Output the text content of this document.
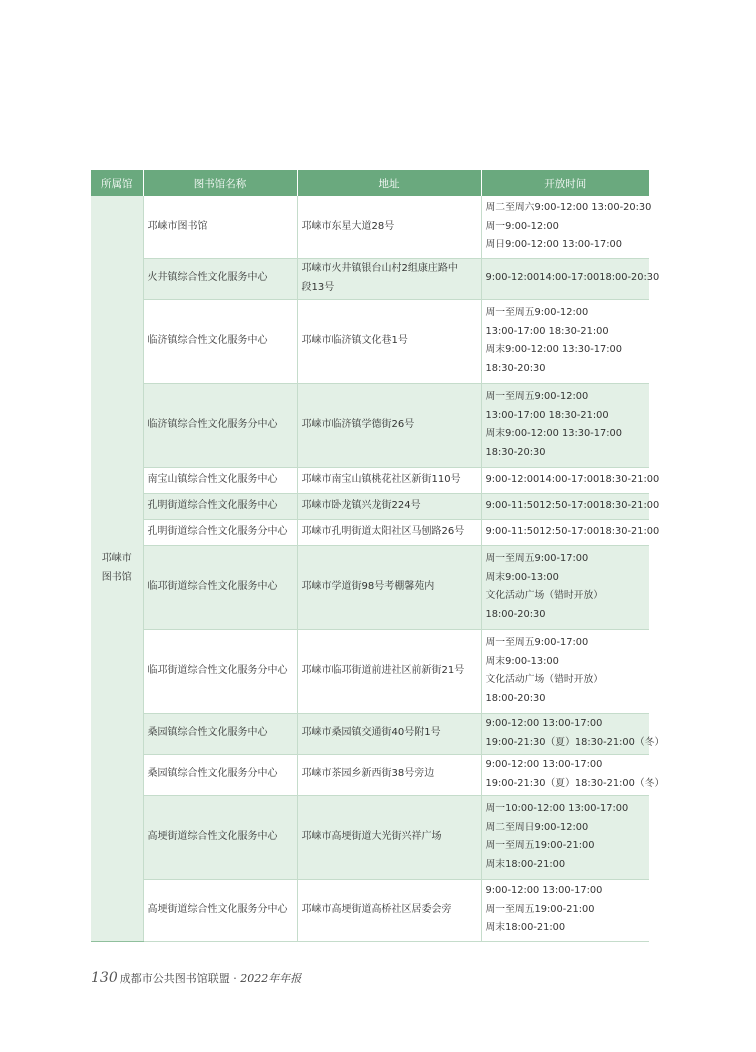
所属馆	图书馆名称	地址	开放时间

邛崃市
图书馆	邛崃市图书馆	邛崃市东星大道28号	周二至周六9:00-12:00 13:00-20:30
周一9:00-12:00
周日9:00-12:00 13:00-17:00

	火井镇综合性文化服务中心	邛崃市火井镇银台山村2组康庄路中
段13号	9:00-12:0014:00-17:0018:00-20:30

	临济镇综合性文化服务中心	邛崃市临济镇文化巷1号	周一至周五9:00-12:00
13:00-17:00 18:30-21:00
周末9:00-12:00 13:30-17:00
18:30-20:30

	临济镇综合性文化服务分中心	邛崃市临济镇学德街26号	周一至周五9:00-12:00
13:00-17:00 18:30-21:00
周末9:00-12:00 13:30-17:00
18:30-20:30

	南宝山镇综合性文化服务中心	邛崃市南宝山镇桃花社区新街110号	9:00-12:0014:00-17:0018:30-21:00

	孔明街道综合性文化服务中心	邛崃市卧龙镇兴龙街224号	9:00-11:5012:50-17:0018:30-21:00

	孔明街道综合性文化服务分中心	邛崃市孔明街道太阳社区马刨路26号	9:00-11:5012:50-17:0018:30-21:00

	临邛街道综合性文化服务中心	邛崃市学道街98号考棚馨苑内	周一至周五9:00-17:00
周末9:00-13:00
文化活动广场（错时开放）
18:00-20:30

	临邛街道综合性文化服务分中心	邛崃市临邛街道前进社区前新街21号	周一至周五9:00-17:00
周末9:00-13:00
文化活动广场（错时开放）
18:00-20:30

	桑园镇综合性文化服务中心	邛崃市桑园镇交通街40号附1号	9:00-12:00 13:00-17:00
19:00-21:30（夏）18:30-21:00（冬）

	桑园镇综合性文化服务分中心	邛崃市茶园乡新西街38号旁边	9:00-12:00 13:00-17:00
19:00-21:30（夏）18:30-21:00（冬）

	高埂街道综合性文化服务中心	邛崃市高埂街道大光街兴祥广场	周一10:00-12:00 13:00-17:00
周二至周日9:00-12:00
周一至周五19:00-21:00
周末18:00-21:00

	高埂街道综合性文化服务分中心	邛崃市高埂街道高桥社区居委会旁	9:00-12:00 13:00-17:00
周一至周五19:00-21:00
周末18:00-21:00
130 成都市公共图书馆联盟 · 2022年年报
